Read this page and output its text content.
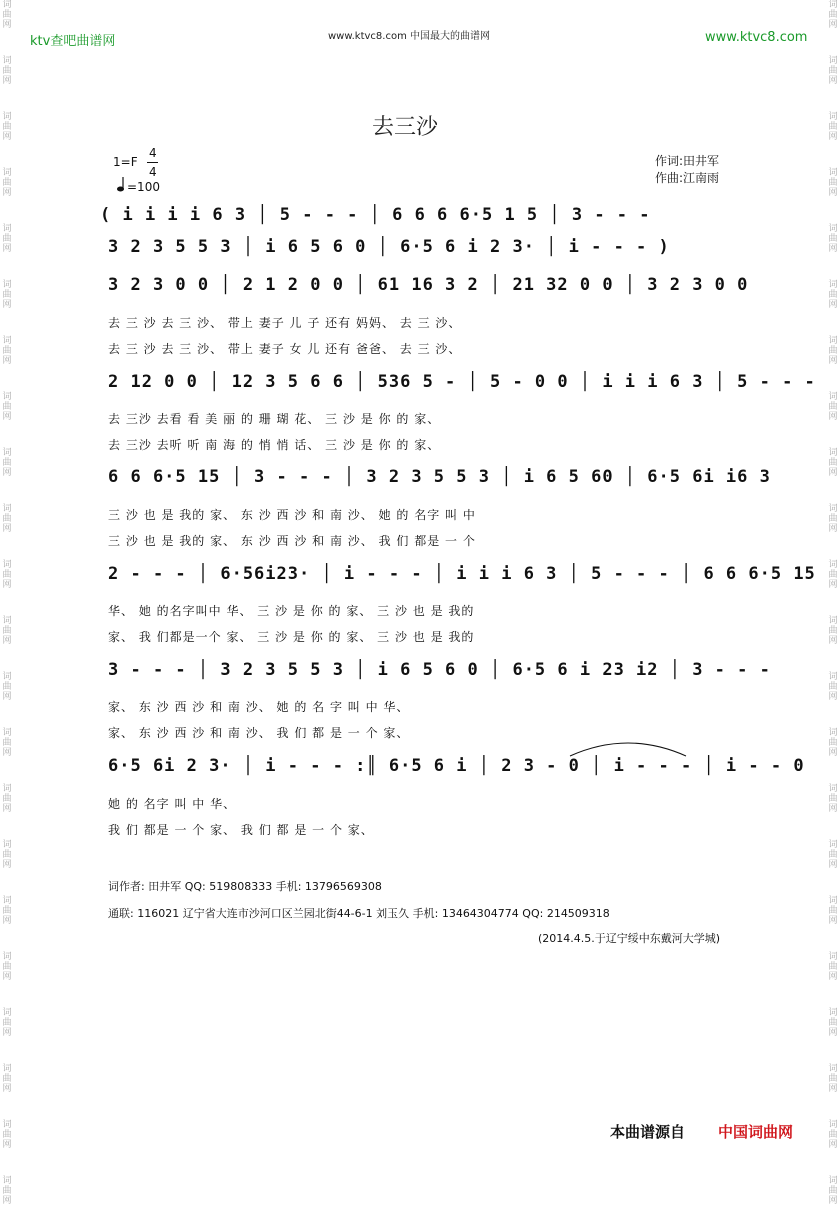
词曲网
词曲网
词曲网
词曲网
词曲网
词曲网
词曲网
词曲网
词曲网
词曲网
词曲网
词曲网
词曲网
词曲网
词曲网
词曲网
词曲网
词曲网
词曲网
词曲网
词曲网
词曲网
词曲网
词曲网
词曲网
词曲网
词曲网
词曲网
词曲网
词曲网
词曲网
词曲网
词曲网
词曲网
词曲网
词曲网
词曲网
词曲网
词曲网
词曲网
词曲网
词曲网
词曲网
词曲网
ktv查吧曲谱网	www.ktvc8.com 中国最大的曲谱网	www.ktvc8.com
去三沙
1=F
4
4
=100
作词:田井军
作曲:江南雨
( i i i i 6 3 │ 5 - - - │ 6 6 6 6·5 1 5 │ 3 - - -
3 2 3 5 5 3 │ i 6 5 6 0 │ 6·5 6 i 2 3· │ i - - - )
3 2 3 0 0 │ 2 1 2 0 0 │ 61 16 3 2 │ 21 32 0 0 │ 3 2 3 0 0
去 三 沙 去 三 沙、 带上 妻子 儿 子 还有 妈妈、 去 三 沙、
去 三 沙 去 三 沙、 带上 妻子 女 儿 还有 爸爸、 去 三 沙、
2 12 0 0 │ 12 3 5 6 6 │ 536 5 - │ 5 - 0 0 │ i i i 6 3 │ 5 - - -
去 三沙 去看 看 美 丽 的 珊 瑚 花、 三 沙 是 你 的 家、
去 三沙 去听 听 南 海 的 悄 悄 话、 三 沙 是 你 的 家、
6 6 6·5 15 │ 3 - - - │ 3 2 3 5 5 3 │ i 6 5 60 │ 6·5 6i i6 3
三 沙 也 是 我的 家、 东 沙 西 沙 和 南 沙、 她 的 名字 叫 中
三 沙 也 是 我的 家、 东 沙 西 沙 和 南 沙、 我 们 都是 一 个
2 - - - │ 6·56i23· │ i - - - │ i i i 6 3 │ 5 - - - │ 6 6 6·5 15
华、 她 的名字叫中 华、 三 沙 是 你 的 家、 三 沙 也 是 我的
家、 我 们都是一个 家、 三 沙 是 你 的 家、 三 沙 也 是 我的
3 - - - │ 3 2 3 5 5 3 │ i 6 5 6 0 │ 6·5 6 i 23 i2 │ 3 - - -
家、 东 沙 西 沙 和 南 沙、 她 的 名 字 叫 中 华、
家、 东 沙 西 沙 和 南 沙、 我 们 都 是 一 个 家、
6·5 6i 2 3· │ i - - - :║ 6·5 6 i │ 2 3 - 0 │ i - - - │ i - - 0
她 的 名字 叫 中 华、
我 们 都是 一 个 家、 我 们 都 是 一 个 家、
词作者: 田井军 QQ: 519808333 手机: 13796569308
通联: 116021 辽宁省大连市沙河口区兰园北街44-6-1 刘玉久 手机: 13464304774 QQ: 214509318
(2014.4.5.于辽宁绥中东戴河大学城)
本曲谱源自 中国词曲网
